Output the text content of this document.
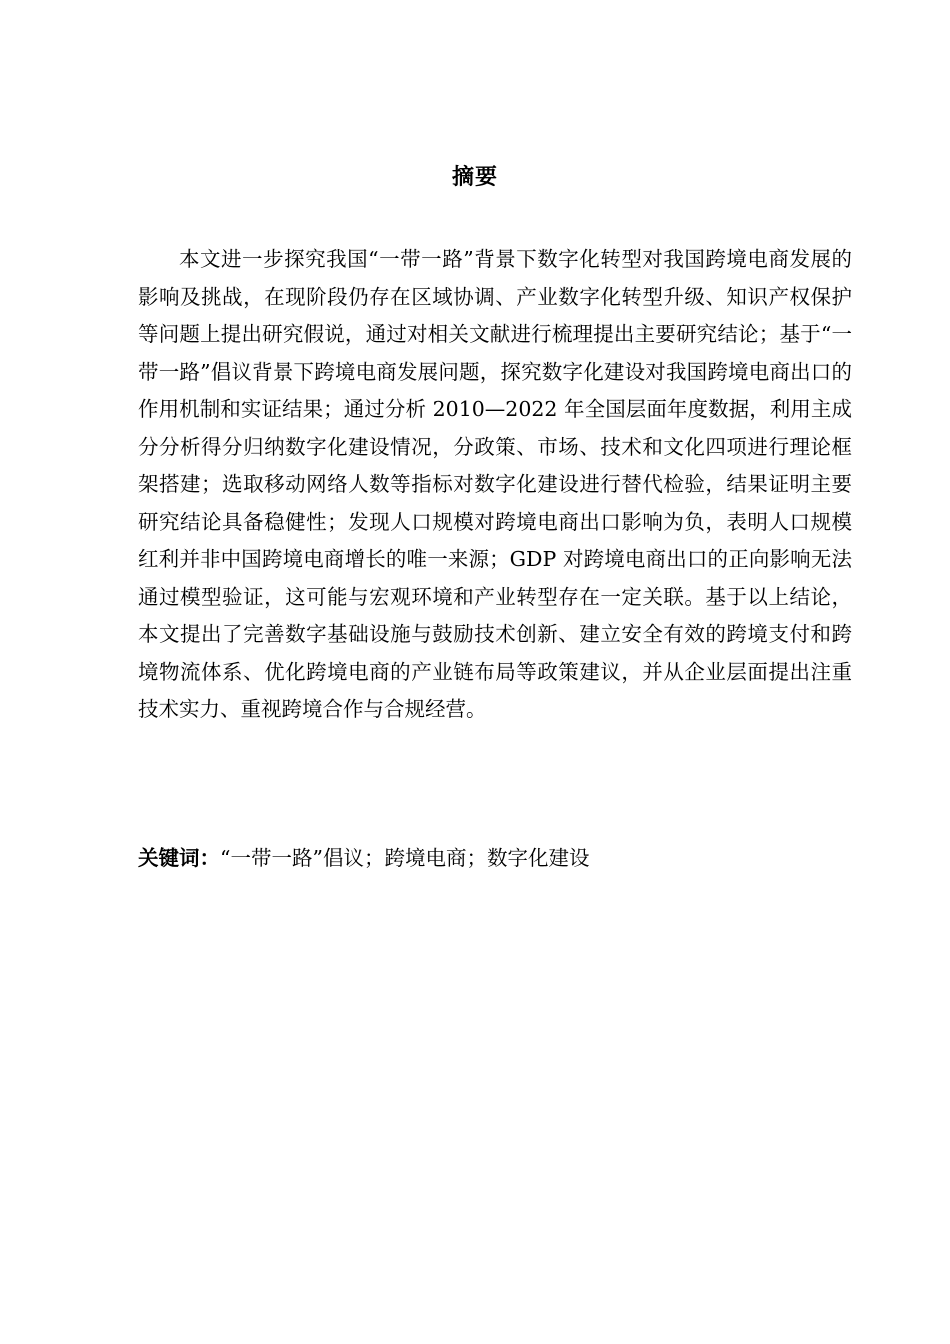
摘要

本文进一步探究我国“一带一路”背景下数字化转型对我国跨境电商发展的影响及挑战，在现阶段仍存在区域协调、产业数字化转型升级、知识产权保护等问题上提出研究假说，通过对相关文献进行梳理提出主要研究结论；基于“一带一路”倡议背景下跨境电商发展问题，探究数字化建设对我国跨境电商出口的作用机制和实证结果；通过分析 2010—2022 年全国层面年度数据，利用主成分分析得分归纳数字化建设情况，分政策、市场、技术和文化四项进行理论框架搭建；选取移动网络人数等指标对数字化建设进行替代检验，结果证明主要研究结论具备稳健性；发现人口规模对跨境电商出口影响为负，表明人口规模红利并非中国跨境电商增长的唯一来源；GDP 对跨境电商出口的正向影响无法通过模型验证，这可能与宏观环境和产业转型存在一定关联。基于以上结论，本文提出了完善数字基础设施与鼓励技术创新、建立安全有效的跨境支付和跨境物流体系、优化跨境电商的产业链布局等政策建议，并从企业层面提出注重技术实力、重视跨境合作与合规经营。

关键词：“一带一路”倡议；跨境电商；数字化建设
